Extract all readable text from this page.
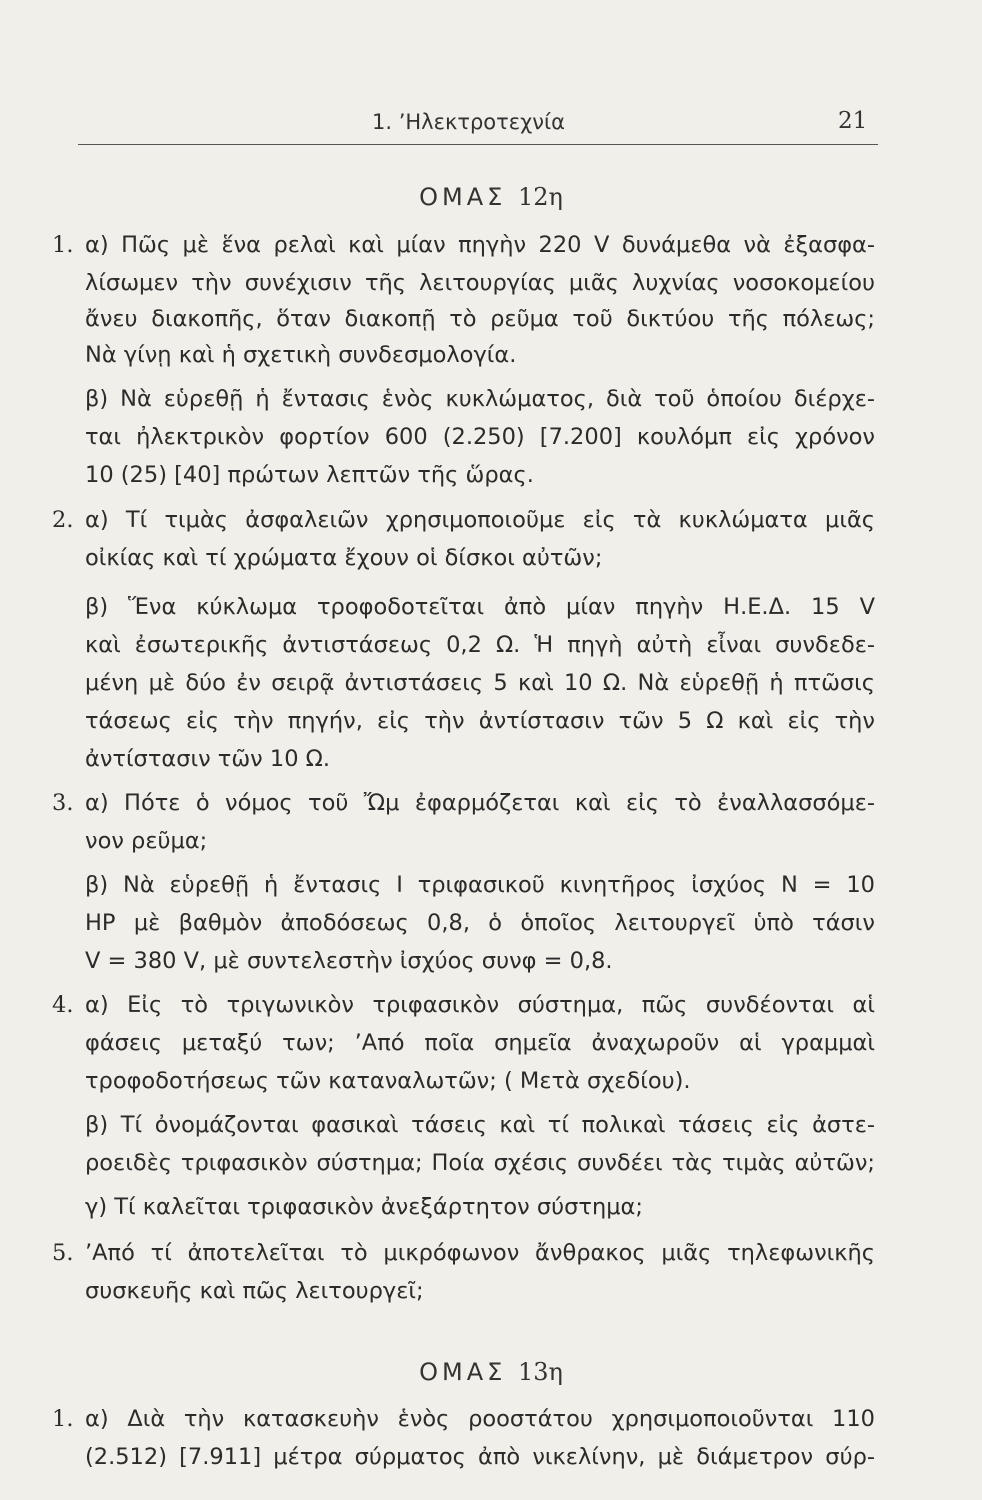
1. ’Ηλεκτροτεχνία	21
ΟΜΑΣ 12η
1. α) Πῶς μὲ ἕνα ρελαὶ καὶ μίαν πηγὴν 220 V δυνάμεθα νὰ ἐξασφα-
λίσωμεν τὴν συνέχισιν τῆς λειτουργίας μιᾶς λυχνίας νοσοκομείου
ἄνευ διακοπῆς, ὅταν διακοπῇ τὸ ρεῦμα τοῦ δικτύου τῆς πόλεως;
Νὰ γίνῃ καὶ ἡ σχετικὴ συνδεσμολογία.
β) Νὰ εὑρεθῇ ἡ ἔντασις ἑνὸς κυκλώματος, διὰ τοῦ ὁποίου διέρχε-
ται ἠλεκτρικὸν φορτίον 600 (2.250) [7.200] κουλόμπ εἰς χρόνον
10 (25) [40] πρώτων λεπτῶν τῆς ὥρας.
2. α) Τί τιμὰς ἀσφαλειῶν χρησιμοποιοῦμε εἰς τὰ κυκλώματα μιᾶς
οἰκίας καὶ τί χρώματα ἔχουν οἱ δίσκοι αὐτῶν;
β) Ἕνα κύκλωμα τροφοδοτεῖται ἀπὸ μίαν πηγὴν Η.Ε.Δ. 15 V
καὶ ἐσωτερικῆς ἀντιστάσεως 0,2 Ω. Ἡ πηγὴ αὐτὴ εἶναι συνδεδε-
μένη μὲ δύο ἐν σειρᾷ ἀντιστάσεις 5 καὶ 10 Ω. Νὰ εὑρεθῇ ἡ πτῶσις
τάσεως εἰς τὴν πηγήν, εἰς τὴν ἀντίστασιν τῶν 5 Ω καὶ εἰς τὴν
ἀντίστασιν τῶν 10 Ω.
3. α) Πότε ὁ νόμος τοῦ Ὤμ ἐφαρμόζεται καὶ εἰς τὸ ἐναλλασσόμε-
νον ρεῦμα;
β) Νὰ εὑρεθῇ ἡ ἔντασις Ι τριφασικοῦ κινητῆρος ἰσχύος Ν = 10
HP μὲ βαθμὸν ἀποδόσεως 0,8, ὁ ὁποῖος λειτουργεῖ ὑπὸ τάσιν
V = 380 V, μὲ συντελεστὴν ἰσχύος συνφ = 0,8.
4. α) Εἰς τὸ τριγωνικὸν τριφασικὸν σύστημα, πῶς συνδέονται αἱ
φάσεις μεταξύ των; ’Από ποῖα σημεῖα ἀναχωροῦν αἱ γραμμαὶ
τροφοδοτήσεως τῶν καταναλωτῶν; ( Μετὰ σχεδίου).
β) Τί ὀνομάζονται φασικαὶ τάσεις καὶ τί πολικαὶ τάσεις εἰς ἀστε-
ροειδὲς τριφασικὸν σύστημα; Ποία σχέσις συνδέει τὰς τιμὰς αὐτῶν;
γ) Τί καλεῖται τριφασικὸν ἀνεξάρτητον σύστημα;
5. ’Από τί ἀποτελεῖται τὸ μικρόφωνον ἄνθρακος μιᾶς τηλεφωνικῆς
συσκευῆς καὶ πῶς λειτουργεῖ;
ΟΜΑΣ 13η
1. α) Διὰ τὴν κατασκευὴν ἑνὸς ροοστάτου χρησιμοποιοῦνται 110
(2.512) [7.911] μέτρα σύρματος ἀπὸ νικελίνην, μὲ διάμετρον σύρ-
